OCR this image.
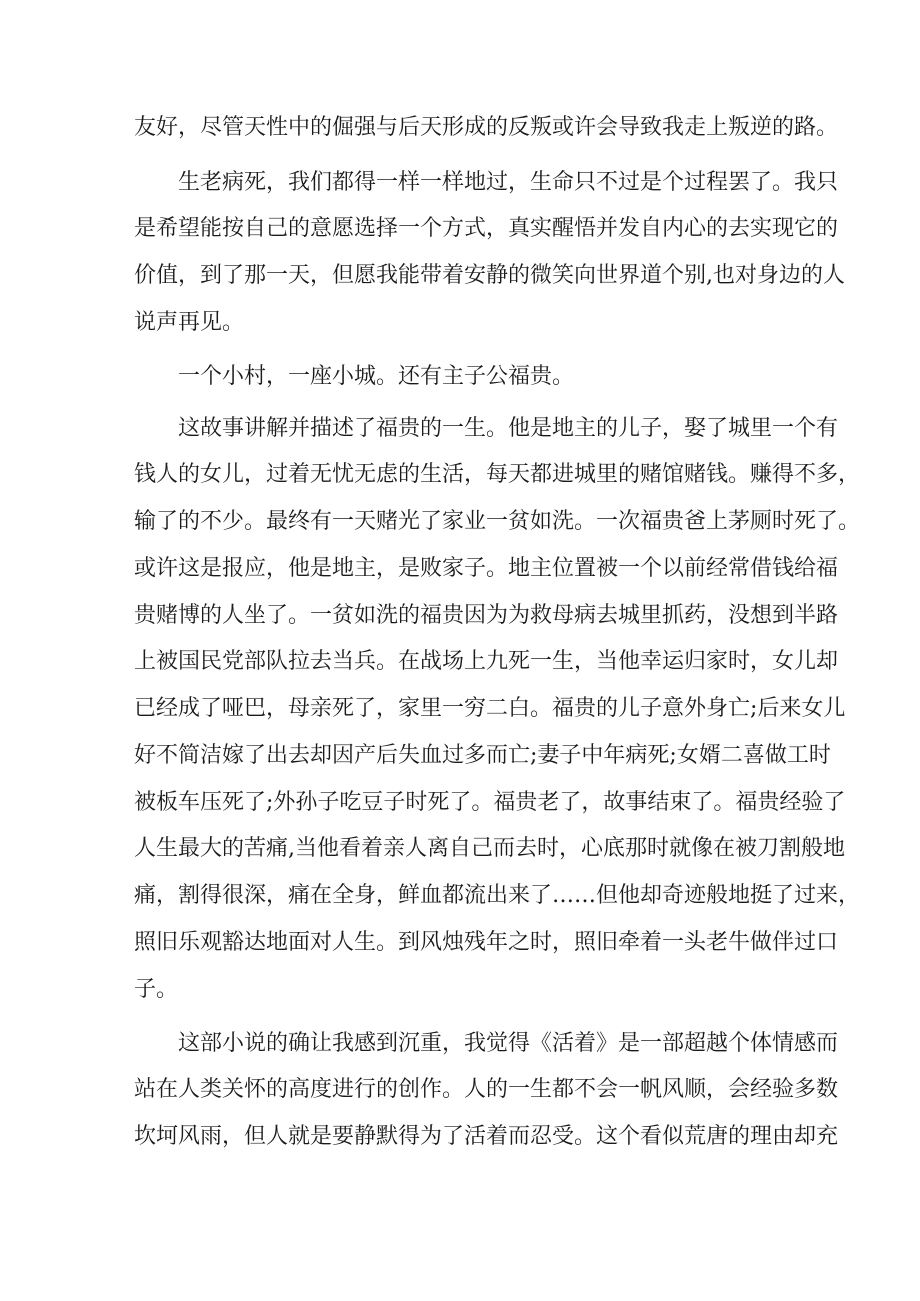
友好，尽管天性中的倔强与后天形成的反叛或许会导致我走上叛逆的路。
生老病死，我们都得一样一样地过，生命只不过是个过程罢了。我只
是希望能按自己的意愿选择一个方式，真实醒悟并发自内心的去实现它的
价值，到了那一天，但愿我能带着安静的微笑向世界道个别,也对身边的人
说声再见。
一个小村，一座小城。还有主子公福贵。
这故事讲解并描述了福贵的一生。他是地主的儿子，娶了城里一个有
钱人的女儿，过着无忧无虑的生活，每天都进城里的赌馆赌钱。赚得不多，
输了的不少。最终有一天赌光了家业一贫如洗。一次福贵爸上茅厕时死了。
或许这是报应，他是地主，是败家子。地主位置被一个以前经常借钱给福
贵赌博的人坐了。一贫如洗的福贵因为为救母病去城里抓药，没想到半路
上被国民党部队拉去当兵。在战场上九死一生，当他幸运归家时，女儿却
已经成了哑巴，母亲死了，家里一穷二白。福贵的儿子意外身亡;后来女儿
好不简洁嫁了出去却因产后失血过多而亡;妻子中年病死;女婿二喜做工时
被板车压死了;外孙子吃豆子时死了。福贵老了，故事结束了。福贵经验了
人生最大的苦痛,当他看着亲人离自己而去时，心底那时就像在被刀割般地
痛，割得很深，痛在全身，鲜血都流出来了……但他却奇迹般地挺了过来，
照旧乐观豁达地面对人生。到风烛残年之时，照旧牵着一头老牛做伴过口
子。
这部小说的确让我感到沉重，我觉得《活着》是一部超越个体情感而
站在人类关怀的高度进行的创作。人的一生都不会一帆风顺，会经验多数
坎坷风雨，但人就是要静默得为了活着而忍受。这个看似荒唐的理由却充
